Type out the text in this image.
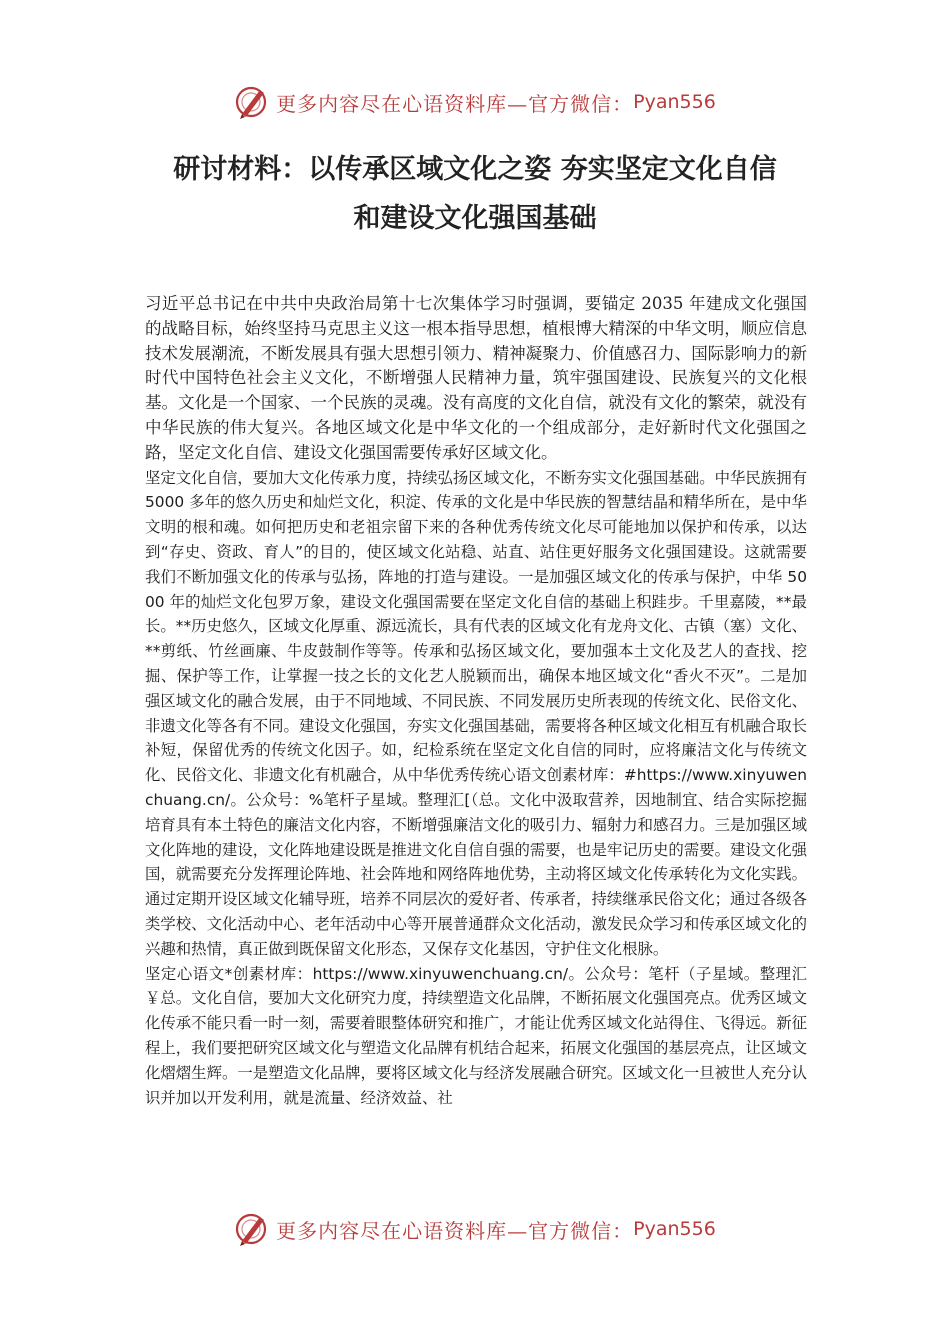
更多内容尽在心语资料库—官方微信： Pyan556
研讨材料：以传承区域文化之姿 夯实坚定文化自信
和建设文化强国基础

习近平总书记在中共中央政治局第十七次集体学习时强调，要锚定 2035 年建成文化强国的战略目标，始终坚持马克思主义这一根本指导思想，植根博大精深的中华文明，顺应信息技术发展潮流，不断发展具有强大思想引领力、精神凝聚力、价值感召力、国际影响力的新时代中国特色社会主义文化，不断增强人民精神力量，筑牢强国建设、民族复兴的文化根基。文化是一个国家、一个民族的灵魂。没有高度的文化自信，就没有文化的繁荣，就没有中华民族的伟大复兴。各地区域文化是中华文化的一个组成部分，走好新时代文化强国之路，坚定文化自信、建设文化强国需要传承好区域文化。

坚定文化自信，要加大文化传承力度，持续弘扬区域文化，不断夯实文化强国基础。中华民族拥有 5000 多年的悠久历史和灿烂文化，积淀、传承的文化是中华民族的智慧结晶和精华所在，是中华文明的根和魂。如何把历史和老祖宗留下来的各种优秀传统文化尽可能地加以保护和传承，以达到“存史、资政、育人”的目的，使区域文化站稳、站直、站住更好服务文化强国建设。这就需要我们不断加强文化的传承与弘扬，阵地的打造与建设。一是加强区域文化的传承与保护，中华 5000 年的灿烂文化包罗万象，建设文化强国需要在坚定文化自信的基础上积跬步。千里嘉陵，**最长。**历史悠久，区域文化厚重、源远流长，具有代表的区域文化有龙舟文化、古镇（塞）文化、**剪纸、竹丝画廉、牛皮鼓制作等等。传承和弘扬区域文化，要加强本土文化及艺人的查找、挖掘、保护等工作，让掌握一技之长的文化艺人脱颖而出，确保本地区域文化“香火不灭”。二是加强区域文化的融合发展，由于不同地域、不同民族、不同发展历史所表现的传统文化、民俗文化、非遗文化等各有不同。建设文化强国，夯实文化强国基础，需要将各种区域文化相互有机融合取长补短，保留优秀的传统文化因子。如，纪检系统在坚定文化自信的同时，应将廉洁文化与传统文化、民俗文化、非遗文化有机融合，从中华优秀传统心语文创素材库：#https://www.xinyuwenchuang.cn/。公众号：%笔杆子星域。整理汇[（总。文化中汲取营养，因地制宜、结合实际挖掘培育具有本土特色的廉洁文化内容，不断增强廉洁文化的吸引力、辐射力和感召力。三是加强区域文化阵地的建设，文化阵地建设既是推进文化自信自强的需要，也是牢记历史的需要。建设文化强国，就需要充分发挥理论阵地、社会阵地和网络阵地优势，主动将区域文化传承转化为文化实践。通过定期开设区域文化辅导班，培养不同层次的爱好者、传承者，持续继承民俗文化；通过各级各类学校、文化活动中心、老年活动中心等开展普通群众文化活动，激发民众学习和传承区域文化的兴趣和热情，真正做到既保留文化形态，又保存文化基因，守护住文化根脉。

坚定心语文*创素材库：https://www.xinyuwenchuang.cn/。公众号：笔杆（子星域。整理汇￥总。文化自信，要加大文化研究力度，持续塑造文化品牌，不断拓展文化强国亮点。优秀区域文化传承不能只看一时一刻，需要着眼整体研究和推广，才能让优秀区域文化站得住、飞得远。新征程上，我们要把研究区域文化与塑造文化品牌有机结合起来，拓展文化强国的基层亮点，让区域文化熠熠生辉。一是塑造文化品牌，要将区域文化与经济发展融合研究。区域文化一旦被世人充分认识并加以开发利用，就是流量、经济效益、社

更多内容尽在心语资料库—官方微信： Pyan556
